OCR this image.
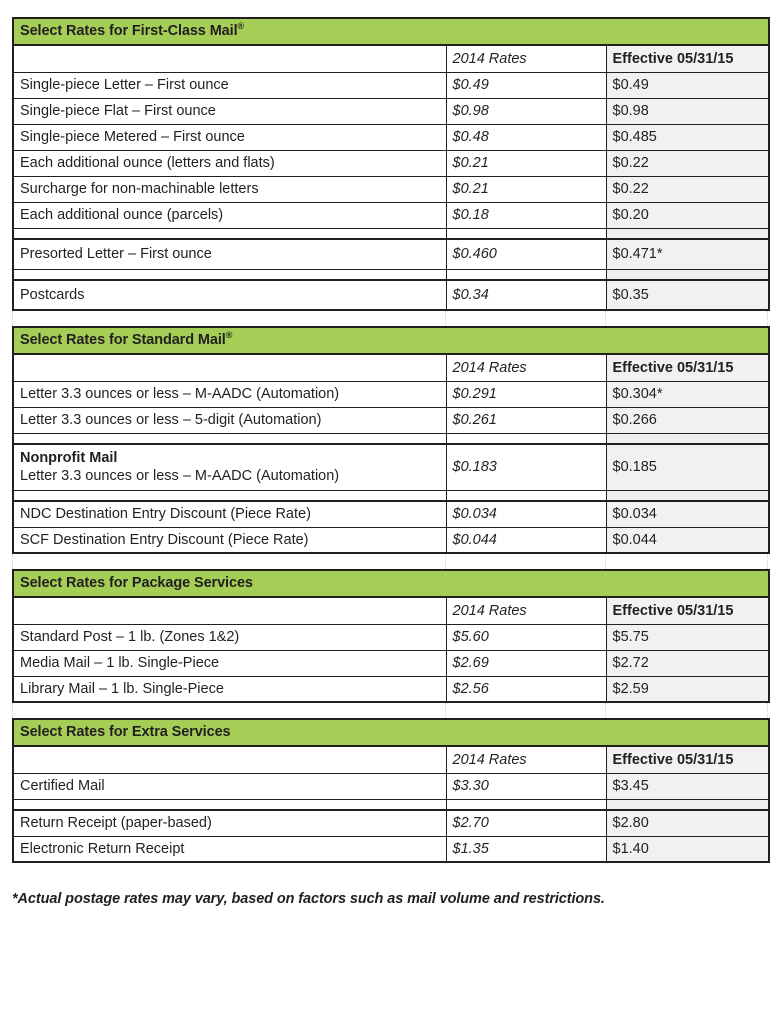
Select Rates for First-Class Mail®
	2014 Rates	Effective 05/31/15
Single-piece Letter – First ounce	$0.49	$0.49
Single-piece Flat – First ounce	$0.98	$0.98
Single-piece Metered – First ounce	$0.48	$0.485
Each additional ounce (letters and flats)	$0.21	$0.22
Surcharge for non-machinable letters	$0.21	$0.22
Each additional ounce (parcels)	$0.18	$0.20

Presorted Letter – First ounce	$0.460	$0.471*

Postcards	$0.34	$0.35
Select Rates for Standard Mail®
	2014 Rates	Effective 05/31/15
Letter 3.3 ounces or less – M-AADC (Automation)	$0.291	$0.304*
Letter 3.3 ounces or less – 5-digit (Automation)	$0.261	$0.266

Nonprofit Mail
Letter 3.3 ounces or less – M-AADC (Automation)	$0.183	$0.185

NDC Destination Entry Discount (Piece Rate)	$0.034	$0.034
SCF Destination Entry Discount (Piece Rate)	$0.044	$0.044
Select Rates for Package Services		
	2014 Rates	Effective 05/31/15
Standard Post – 1 lb. (Zones 1&2)	$5.60	$5.75
Media Mail – 1 lb. Single-Piece	$2.69	$2.72
Library Mail – 1 lb. Single-Piece	$2.56	$2.59
Select Rates for Extra Services		
	2014 Rates	Effective 05/31/15
Certified Mail	$3.30	$3.45

Return Receipt (paper-based)	$2.70	$2.80
Electronic Return Receipt	$1.35	$1.40
*Actual postage rates may vary, based on factors such as mail volume and restrictions.
